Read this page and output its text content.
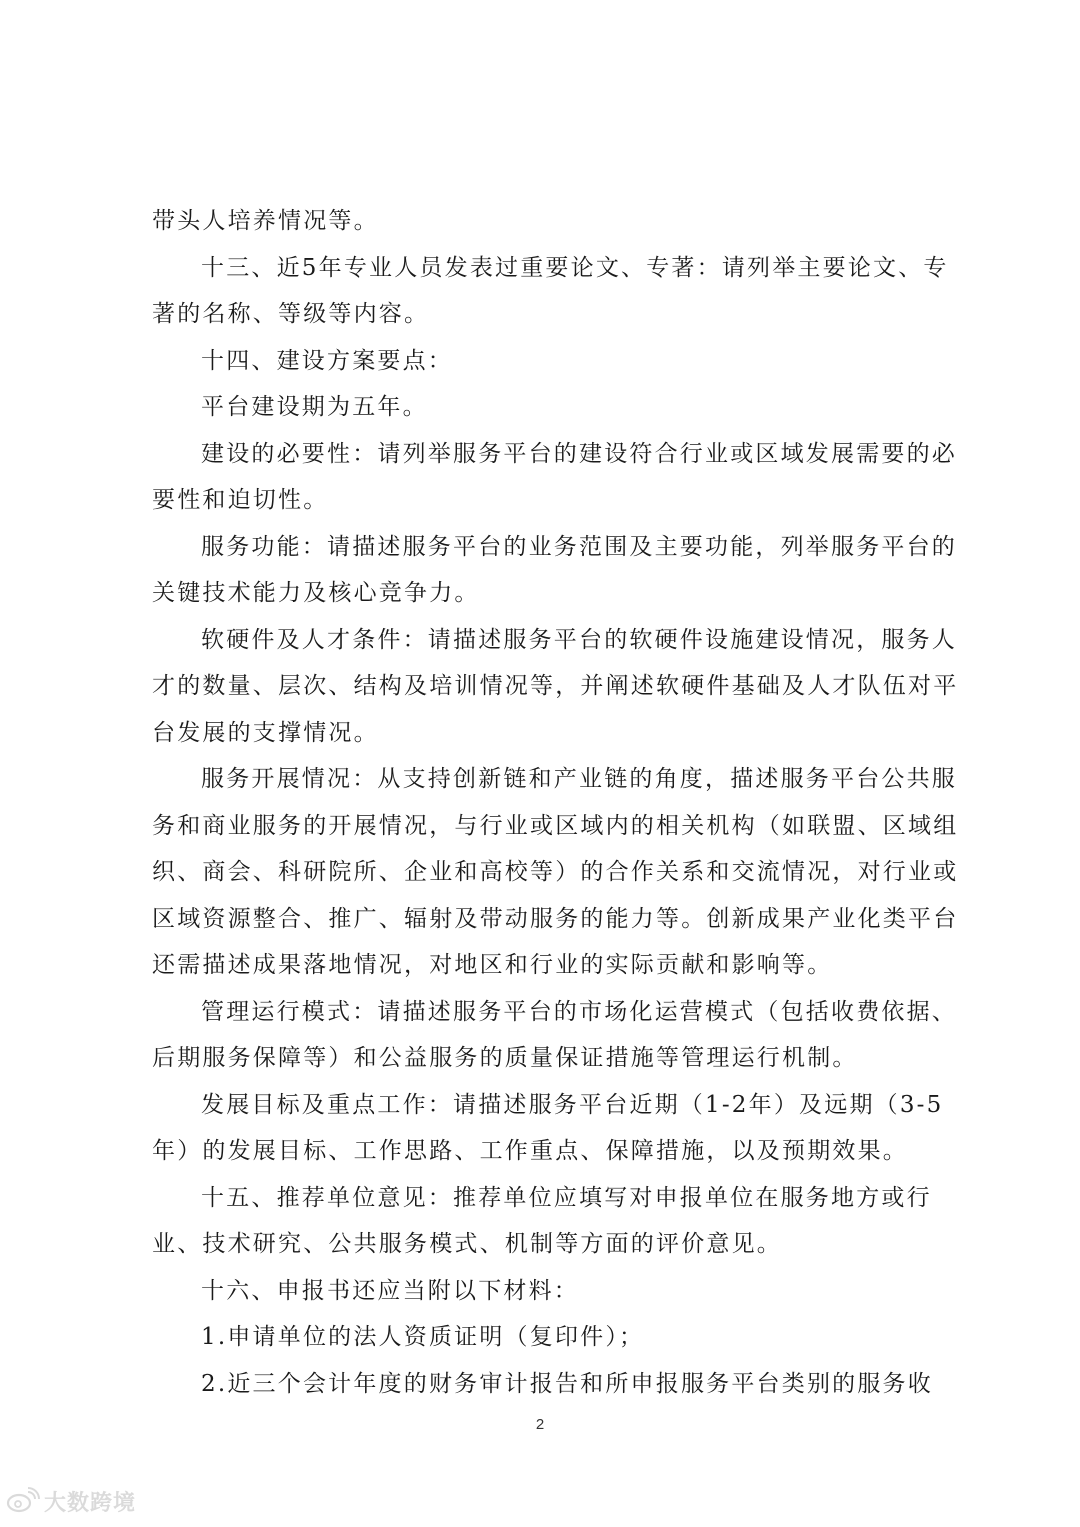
带头人培养情况等。
十三、近5年专业人员发表过重要论文、专著：请列举主要论文、专
著的名称、等级等内容。
十四、建设方案要点：
平台建设期为五年。
建设的必要性：请列举服务平台的建设符合行业或区域发展需要的必
要性和迫切性。
服务功能：请描述服务平台的业务范围及主要功能，列举服务平台的
关键技术能力及核心竞争力。
软硬件及人才条件：请描述服务平台的软硬件设施建设情况，服务人
才的数量、层次、结构及培训情况等，并阐述软硬件基础及人才队伍对平
台发展的支撑情况。
服务开展情况：从支持创新链和产业链的角度，描述服务平台公共服
务和商业服务的开展情况，与行业或区域内的相关机构（如联盟、区域组
织、商会、科研院所、企业和高校等）的合作关系和交流情况，对行业或
区域资源整合、推广、辐射及带动服务的能力等。创新成果产业化类平台
还需描述成果落地情况，对地区和行业的实际贡献和影响等。
管理运行模式：请描述服务平台的市场化运营模式（包括收费依据、
后期服务保障等）和公益服务的质量保证措施等管理运行机制。
发展目标及重点工作：请描述服务平台近期（1-2年）及远期（3-5
年）的发展目标、工作思路、工作重点、保障措施，以及预期效果。
十五、推荐单位意见：推荐单位应填写对申报单位在服务地方或行
业、技术研究、公共服务模式、机制等方面的评价意见。
十六、申报书还应当附以下材料：
1.申请单位的法人资质证明（复印件）；
2.近三个会计年度的财务审计报告和所申报服务平台类别的服务收
2
大数跨境
